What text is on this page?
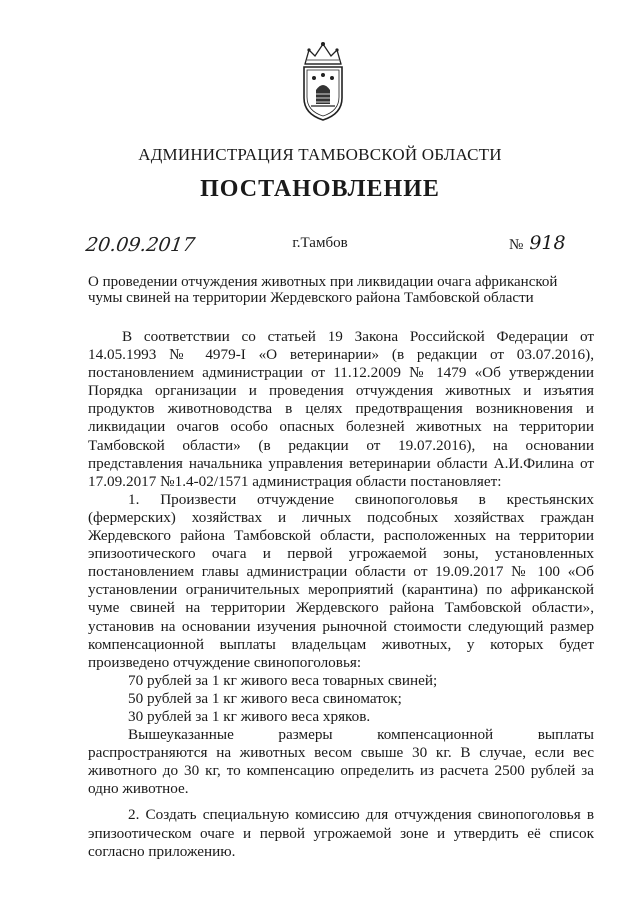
АДМИНИСТРАЦИЯ ТАМБОВСКОЙ ОБЛАСТИ
ПОСТАНОВЛЕНИЕ
20.09.2017	г.Тамбов	№ 918
О проведении отчуждения животных при ликвидации очага африканской
чумы свиней на территории Жердевского района Тамбовской области

В соответствии со статьей 19 Закона Российской Федерации от

14.05.1993 № 4979-I «О ветеринарии» (в редакции от 03.07.2016),

постановлением администрации от 11.12.2009 № 1479 «Об утверждении

Порядка организации и проведения отчуждения животных и изъятия

продуктов животноводства в целях предотвращения возникновения и

ликвидации очагов особо опасных болезней животных на территории

Тамбовской области» (в редакции от 19.07.2016), на основании

представления начальника управления ветеринарии области А.И.Филина от

17.09.2017 №1.4-02/1571 администрация области постановляет:

1. Произвести отчуждение свинопоголовья в крестьянских

(фермерских) хозяйствах и личных подсобных хозяйствах граждан

Жердевского района Тамбовской области, расположенных на территории

эпизоотического очага и первой угрожаемой зоны, установленных

постановлением главы администрации области от 19.09.2017 № 100 «Об

установлении ограничительных мероприятий (карантина) по африканской

чуме свиней на территории Жердевского района Тамбовской области»,

установив на основании изучения рыночной стоимости следующий размер

компенсационной выплаты владельцам животных, у которых будет

произведено отчуждение свинопоголовья:

70 рублей за 1 кг живого веса товарных свиней;

50 рублей за 1 кг живого веса свиноматок;

30 рублей за 1 кг живого веса хряков.

Вышеуказанные размеры компенсационной выплаты

распространяются на животных весом свыше 30 кг. В случае, если вес

животного до 30 кг, то компенсацию определить из расчета 2500 рублей за

одно животное.

2. Создать специальную комиссию для отчуждения свинопоголовья в

эпизоотическом очаге и первой угрожаемой зоне и утвердить её список

согласно приложению.
